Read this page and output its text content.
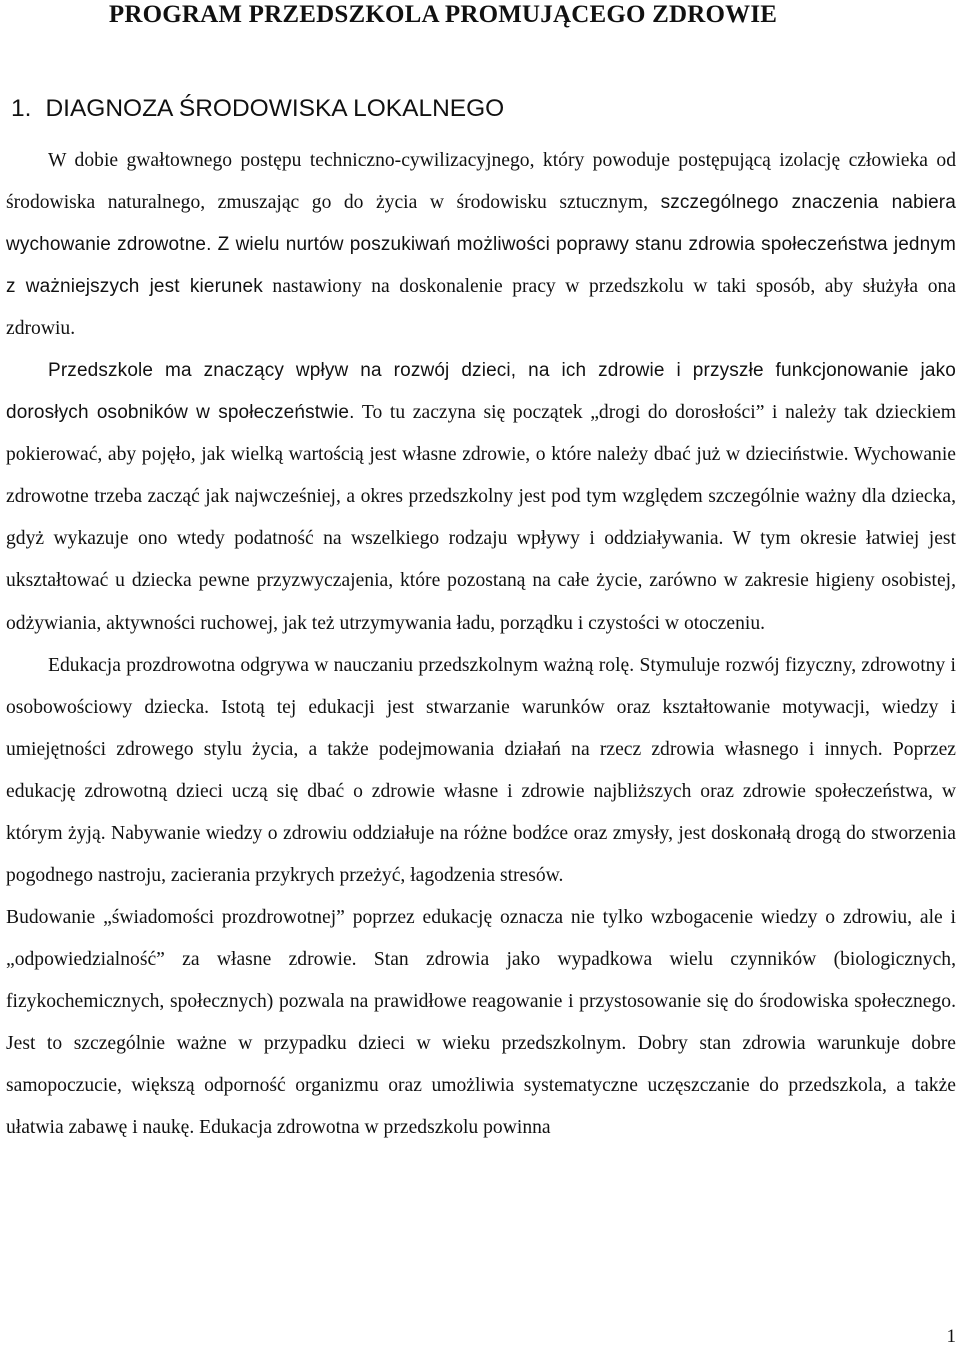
PROGRAM PRZEDSZKOLA PROMUJĄCEGO ZDROWIE
1. DIAGNOZA ŚRODOWISKA LOKALNEGO

W dobie gwałtownego postępu techniczno-cywilizacyjnego, który powoduje postępującą izolację człowieka od środowiska naturalnego, zmuszając go do życia w środowisku sztucznym, szczególnego znaczenia nabiera wychowanie zdrowotne. Z wielu nurtów poszukiwań możliwości poprawy stanu zdrowia społeczeństwa jednym z ważniejszych jest kierunek nastawiony na doskonalenie pracy w przedszkolu w taki sposób, aby służyła ona zdrowiu.

Przedszkole ma znaczący wpływ na rozwój dzieci, na ich zdrowie i przyszłe funkcjonowanie jako dorosłych osobników w społeczeństwie. To tu zaczyna się początek „drogi do dorosłości” i należy tak dzieckiem pokierować, aby pojęło, jak wielką wartością jest własne zdrowie, o które należy dbać już w dzieciństwie. Wychowanie zdrowotne trzeba zacząć jak najwcześniej, a okres przedszkolny jest pod tym względem szczególnie ważny dla dziecka, gdyż wykazuje ono wtedy podatność na wszelkiego rodzaju wpływy i oddziaływania. W tym okresie łatwiej jest ukształtować u dziecka pewne przyzwyczajenia, które pozostaną na całe życie, zarówno w zakresie higieny osobistej, odżywiania, aktywności ruchowej, jak też utrzymywania ładu, porządku i czystości w otoczeniu.

Edukacja prozdrowotna odgrywa w nauczaniu przedszkolnym ważną rolę. Stymuluje rozwój fizyczny, zdrowotny i osobowościowy dziecka. Istotą tej edukacji jest stwarzanie warunków oraz kształtowanie motywacji, wiedzy i umiejętności zdrowego stylu życia, a także podejmowania działań na rzecz zdrowia własnego i innych. Poprzez edukację zdrowotną dzieci uczą się dbać o zdrowie własne i zdrowie najbliższych oraz zdrowie społeczeństwa, w którym żyją. Nabywanie wiedzy o zdrowiu oddziałuje na różne bodźce oraz zmysły, jest doskonałą drogą do stworzenia pogodnego nastroju, zacierania przykrych przeżyć, łagodzenia stresów.

Budowanie „świadomości prozdrowotnej” poprzez edukację oznacza nie tylko wzbogacenie wiedzy o zdrowiu, ale i „odpowiedzialność” za własne zdrowie. Stan zdrowia jako wypadkowa wielu czynników (biologicznych, fizykochemicznych, społecznych) pozwala na prawidłowe reagowanie i przystosowanie się do środowiska społecznego. Jest to szczególnie ważne w przypadku dzieci w wieku przedszkolnym. Dobry stan zdrowia warunkuje dobre samopoczucie, większą odporność organizmu oraz umożliwia systematyczne uczęszczanie do przedszkola, a także ułatwia zabawę i naukę. Edukacja zdrowotna w przedszkolu powinna

1
